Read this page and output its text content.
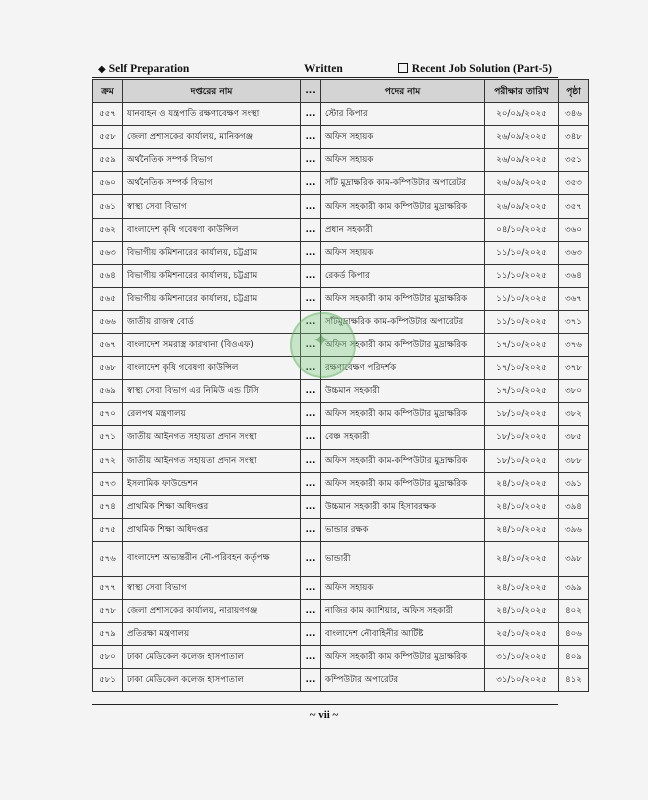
◆ Self Preparation	Written	Recent Job Solution (Part-5)
ক্রম	দপ্তরের নাম	...	পদের নাম	পরীক্ষার তারিখ	পৃষ্ঠা
৫৫৭	যানবাহন ও যন্ত্রপাতি রক্ষণাবেক্ষণ সংস্থা	...	স্টোর কিপার	২০/০৯/২০২৫	৩৪৬
৫৫৮	জেলা প্রশাসকের কার্যালয়, মানিকগঞ্জ	...	অফিস সহায়ক	২৬/০৯/২০২৫	৩৪৮
৫৫৯	অর্থনৈতিক সম্পর্ক বিভাগ	...	অফিস সহায়ক	২৬/০৯/২০২৫	৩৫১
৫৬০	অর্থনৈতিক সম্পর্ক বিভাগ	...	সাঁট মুদ্রাক্ষরিক কাম-কম্পিউটার অপারেটর	২৬/০৯/২০২৫	৩৫৩
৫৬১	স্বাস্থ্য সেবা বিভাগ	...	অফিস সহকারী কাম কম্পিউটার মুদ্রাক্ষরিক	২৬/০৯/২০২৫	৩৫৭
৫৬২	বাংলাদেশ কৃষি গবেষণা কাউন্সিল	...	প্রধান সহকারী	০৪/১০/২০২৫	৩৬০
৫৬৩	বিভাগীয় কমিশনারের কার্যালয়, চট্টগ্রাম	...	অফিস সহায়ক	১১/১০/২০২৫	৩৬৩
৫৬৪	বিভাগীয় কমিশনারের কার্যালয়, চট্টগ্রাম	...	রেকর্ড কিপার	১১/১০/২০২৫	৩৬৪
৫৬৫	বিভাগীয় কমিশনারের কার্যালয়, চট্টগ্রাম	...	অফিস সহকারী কাম কম্পিউটার মুদ্রাক্ষরিক	১১/১০/২০২৫	৩৬৭
৫৬৬	জাতীয় রাজস্ব বোর্ড	...	সাঁটমুদ্রাক্ষরিক কাম-কম্পিউটার অপারেটর	১১/১০/২০২৫	৩৭১
৫৬৭	বাংলাদেশ সমরাস্ত্র কারখানা (বিওএফ)	...	অফিস সহকারী কাম কম্পিউটার মুদ্রাক্ষরিক	১৭/১০/২০২৫	৩৭৬
৫৬৮	বাংলাদেশ কৃষি গবেষণা কাউন্সিল	...	রক্ষণাবেক্ষণ পরিদর্শক	১৭/১০/২০২৫	৩৭৮
৫৬৯	স্বাস্থ্য সেবা বিভাগ এর নিমিউ এন্ড টিসি	...	উচ্চমান সহকারী	১৭/১০/২০২৫	৩৮০
৫৭০	রেলপথ মন্ত্রণালয়	...	অফিস সহকারী কাম কম্পিউটার মুদ্রাক্ষরিক	১৮/১০/২০২৫	৩৮২
৫৭১	জাতীয় আইনগত সহায়তা প্রদান সংস্থা	...	বেঞ্চ সহকারী	১৮/১০/২০২৫	৩৮৫
৫৭২	জাতীয় আইনগত সহায়তা প্রদান সংস্থা	...	অফিস সহকারী কাম-কম্পিউটার মুদ্রাক্ষরিক	১৮/১০/২০২৫	৩৮৮
৫৭৩	ইসলামিক ফাউন্ডেশন	...	অফিস সহকারী কাম কম্পিউটার মুদ্রাক্ষরিক	২৪/১০/২০২৫	৩৯১
৫৭৪	প্রাথমিক শিক্ষা অধিদপ্তর	...	উচ্চমান সহকারী কাম হিসাবরক্ষক	২৪/১০/২০২৫	৩৯৪
৫৭৫	প্রাথমিক শিক্ষা অধিদপ্তর	...	ভান্ডার রক্ষক	২৪/১০/২০২৫	৩৯৬
৫৭৬	বাংলাদেশ অভ্যন্তরীন নৌ-পরিবহন কর্তৃপক্ষ	...	ভান্ডারী	২৪/১০/২০২৫	৩৯৮
৫৭৭	স্বাস্থ্য সেবা বিভাগ	...	অফিস সহায়ক	২৪/১০/২০২৫	৩৯৯
৫৭৮	জেলা প্রশাসকের কার্যালয়, নারায়ণগঞ্জ	...	নাজির কাম ক্যাশিয়ার, অফিস সহকারী	২৪/১০/২০২৫	৪০২
৫৭৯	প্রতিরক্ষা মন্ত্রণালয়	...	বাংলাদেশ নৌবাহিনীর আর্টিষ্ট	২৫/১০/২০২৫	৪০৬
৫৮০	ঢাকা মেডিকেল কলেজ হাসপাতাল	...	অফিস সহকারী কাম কম্পিউটার মুদ্রাক্ষরিক	৩১/১০/২০২৫	৪০৯
৫৮১	ঢাকা মেডিকেল কলেজ হাসপাতাল	...	কম্পিউটার অপারেটর	৩১/১০/২০২৫	৪১২
✦
~ vii ~
